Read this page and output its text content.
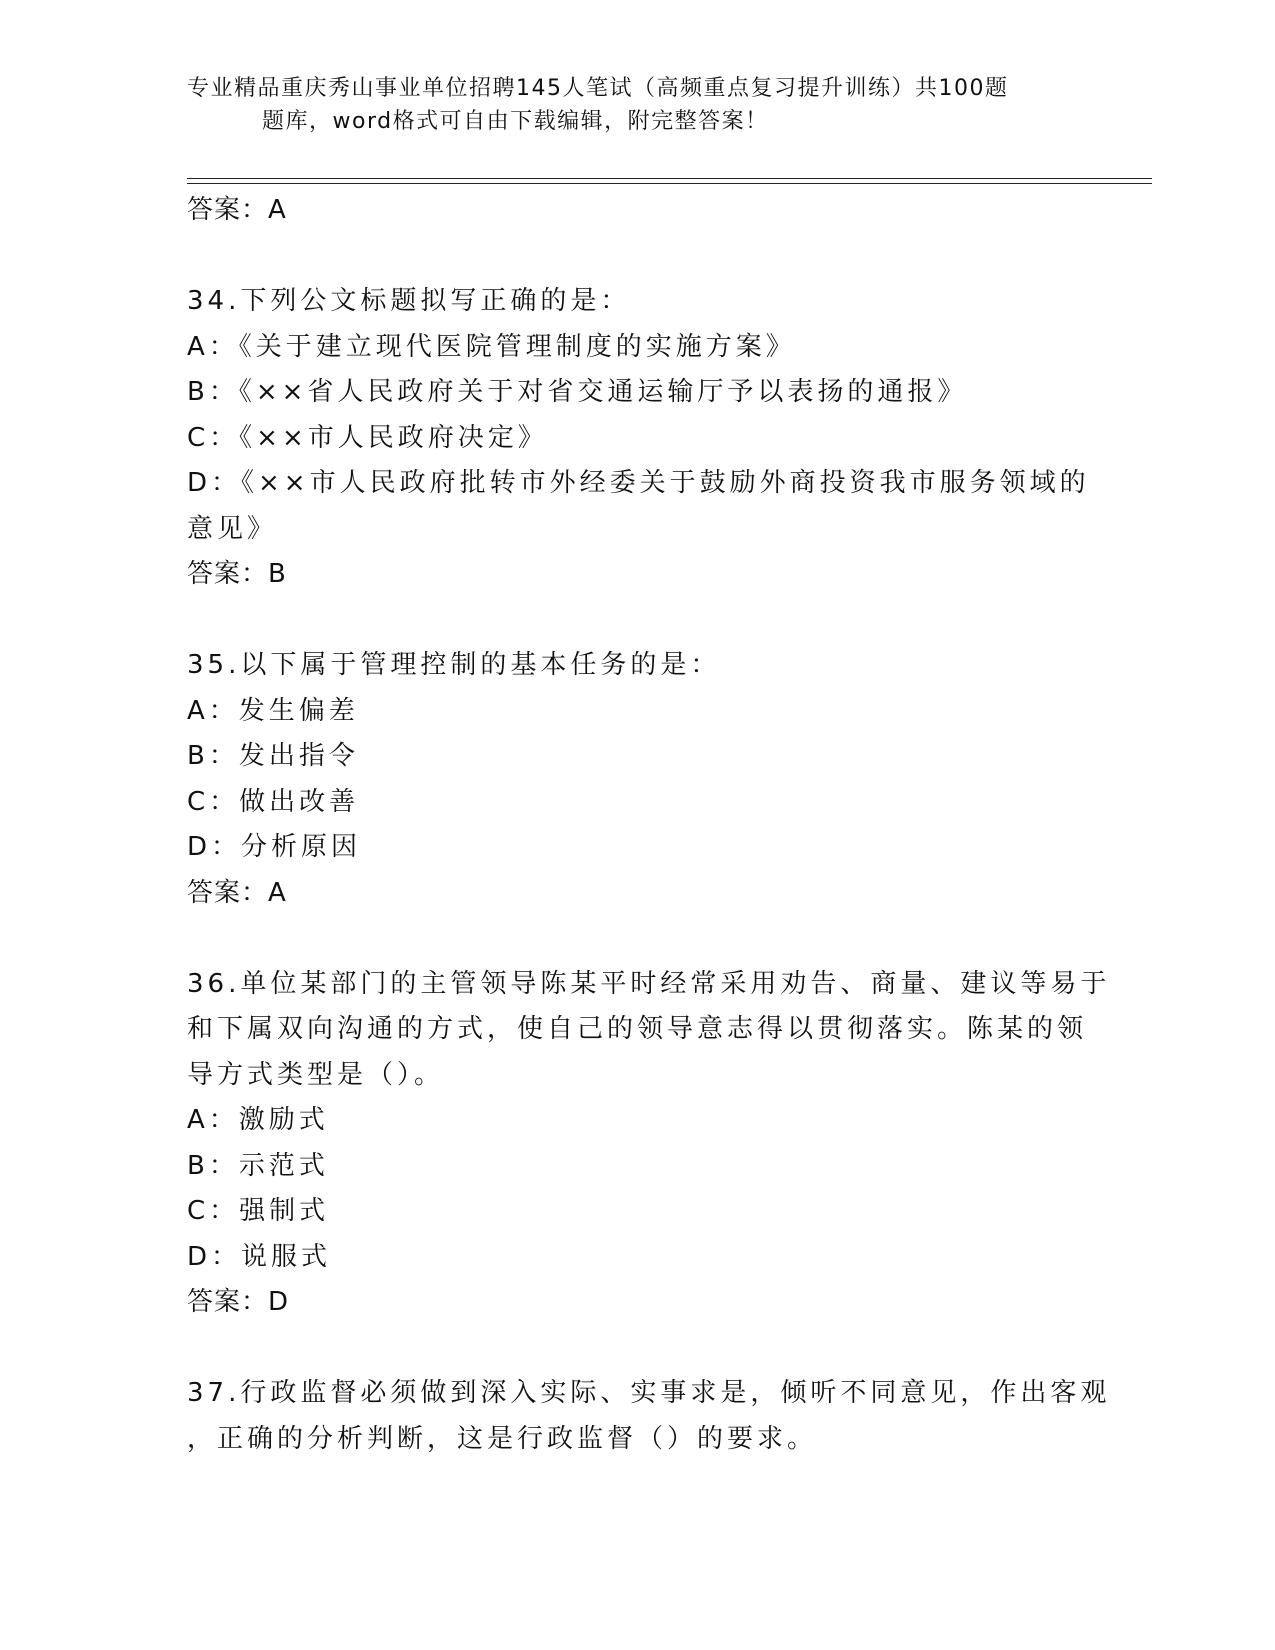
专业精品重庆秀山事业单位招聘145人笔试（高频重点复习提升训练）共100题
题库，word格式可自由下载编辑，附完整答案！

答案：A

34.下列公文标题拟写正确的是：

A：《关于建立现代医院管理制度的实施方案》

B：《××省人民政府关于对省交通运输厅予以表扬的通报》

C：《××市人民政府决定》

D：《××市人民政府批转市外经委关于鼓励外商投资我市服务领域的

意见》

答案：B

35.以下属于管理控制的基本任务的是：

A：发生偏差

B：发出指令

C：做出改善

D：分析原因

答案：A

36.单位某部门的主管领导陈某平时经常采用劝告、商量、建议等易于

和下属双向沟通的方式，使自己的领导意志得以贯彻落实。陈某的领

导方式类型是（）。

A：激励式

B：示范式

C：强制式

D：说服式

答案：D

37.行政监督必须做到深入实际、实事求是，倾听不同意见，作出客观

，正确的分析判断，这是行政监督（）的要求。
